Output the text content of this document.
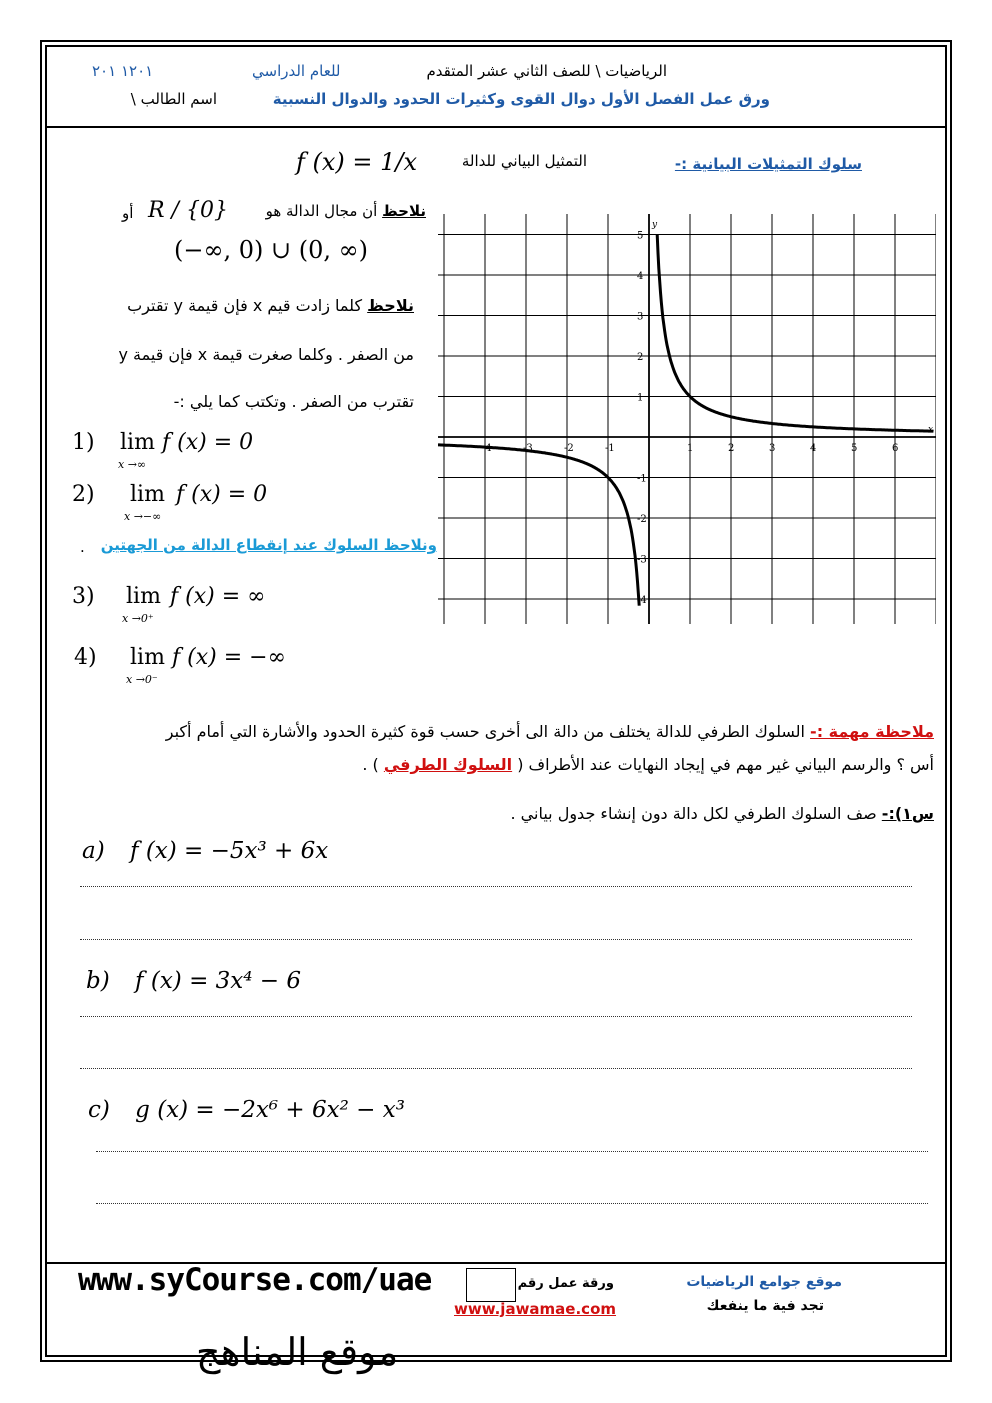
الرياضيات \ للصف الثاني عشر المتقدم
للعام الدراسي
١٢٠١ ٢٠١
ورق عمل الفصل الأول دوال القوى وكثيرات الحدود والدوال النسبية
اسم الطالب \
سلوك التمثيلات البيانية :-
التمثيل البياني للدالة
f (x) = 1/x
نلاحظ أن مجال الدالة هو
R / {0}
أو
(−∞, 0) ∪ (0, ∞)
نلاحظ كلما زادت قيم x فإن قيمة y تقترب
من الصفر . وكلما صغرت قيمة x فإن قيمة y
تقترب من الصفر . وتكتب كما يلي :-
1) lim
x →∞
f (x) = 0
2) lim
x →−∞
f (x) = 0
ونلاحظ السلوك عند إنقطاع الدالة من الجهتين
.
3) lim
x →0⁺
f (x) = ∞
4) lim
x →0⁻
f (x) = −∞
-4	-3	-2	-1	1	2	3	4	5	6
5
4
3
2
1
-1
-2
-3
-4
x
y
ملاحظة مهمة :- السلوك الطرفي للدالة يختلف من دالة الى أخرى حسب قوة كثيرة الحدود والأشارة التي أمام أكبر
أس ؟ والرسم البياني غير مهم في إيجاد النهايات عند الأطراف ( السلوك الطرفي ) .
س١):- صف السلوك الطرفي لكل دالة دون إنشاء جدول بياني .
a) f (x) = −5x³ + 6x
b) f (x) = 3x⁴ − 6
c) g (x) = −2x⁶ + 6x² − x³
www.syCourse.com/uae	ورقة عمل رقم
www.jawamae.com
موقع جوامع الرياضيات
تجد فية ما ينفعك
موقع المناهج
